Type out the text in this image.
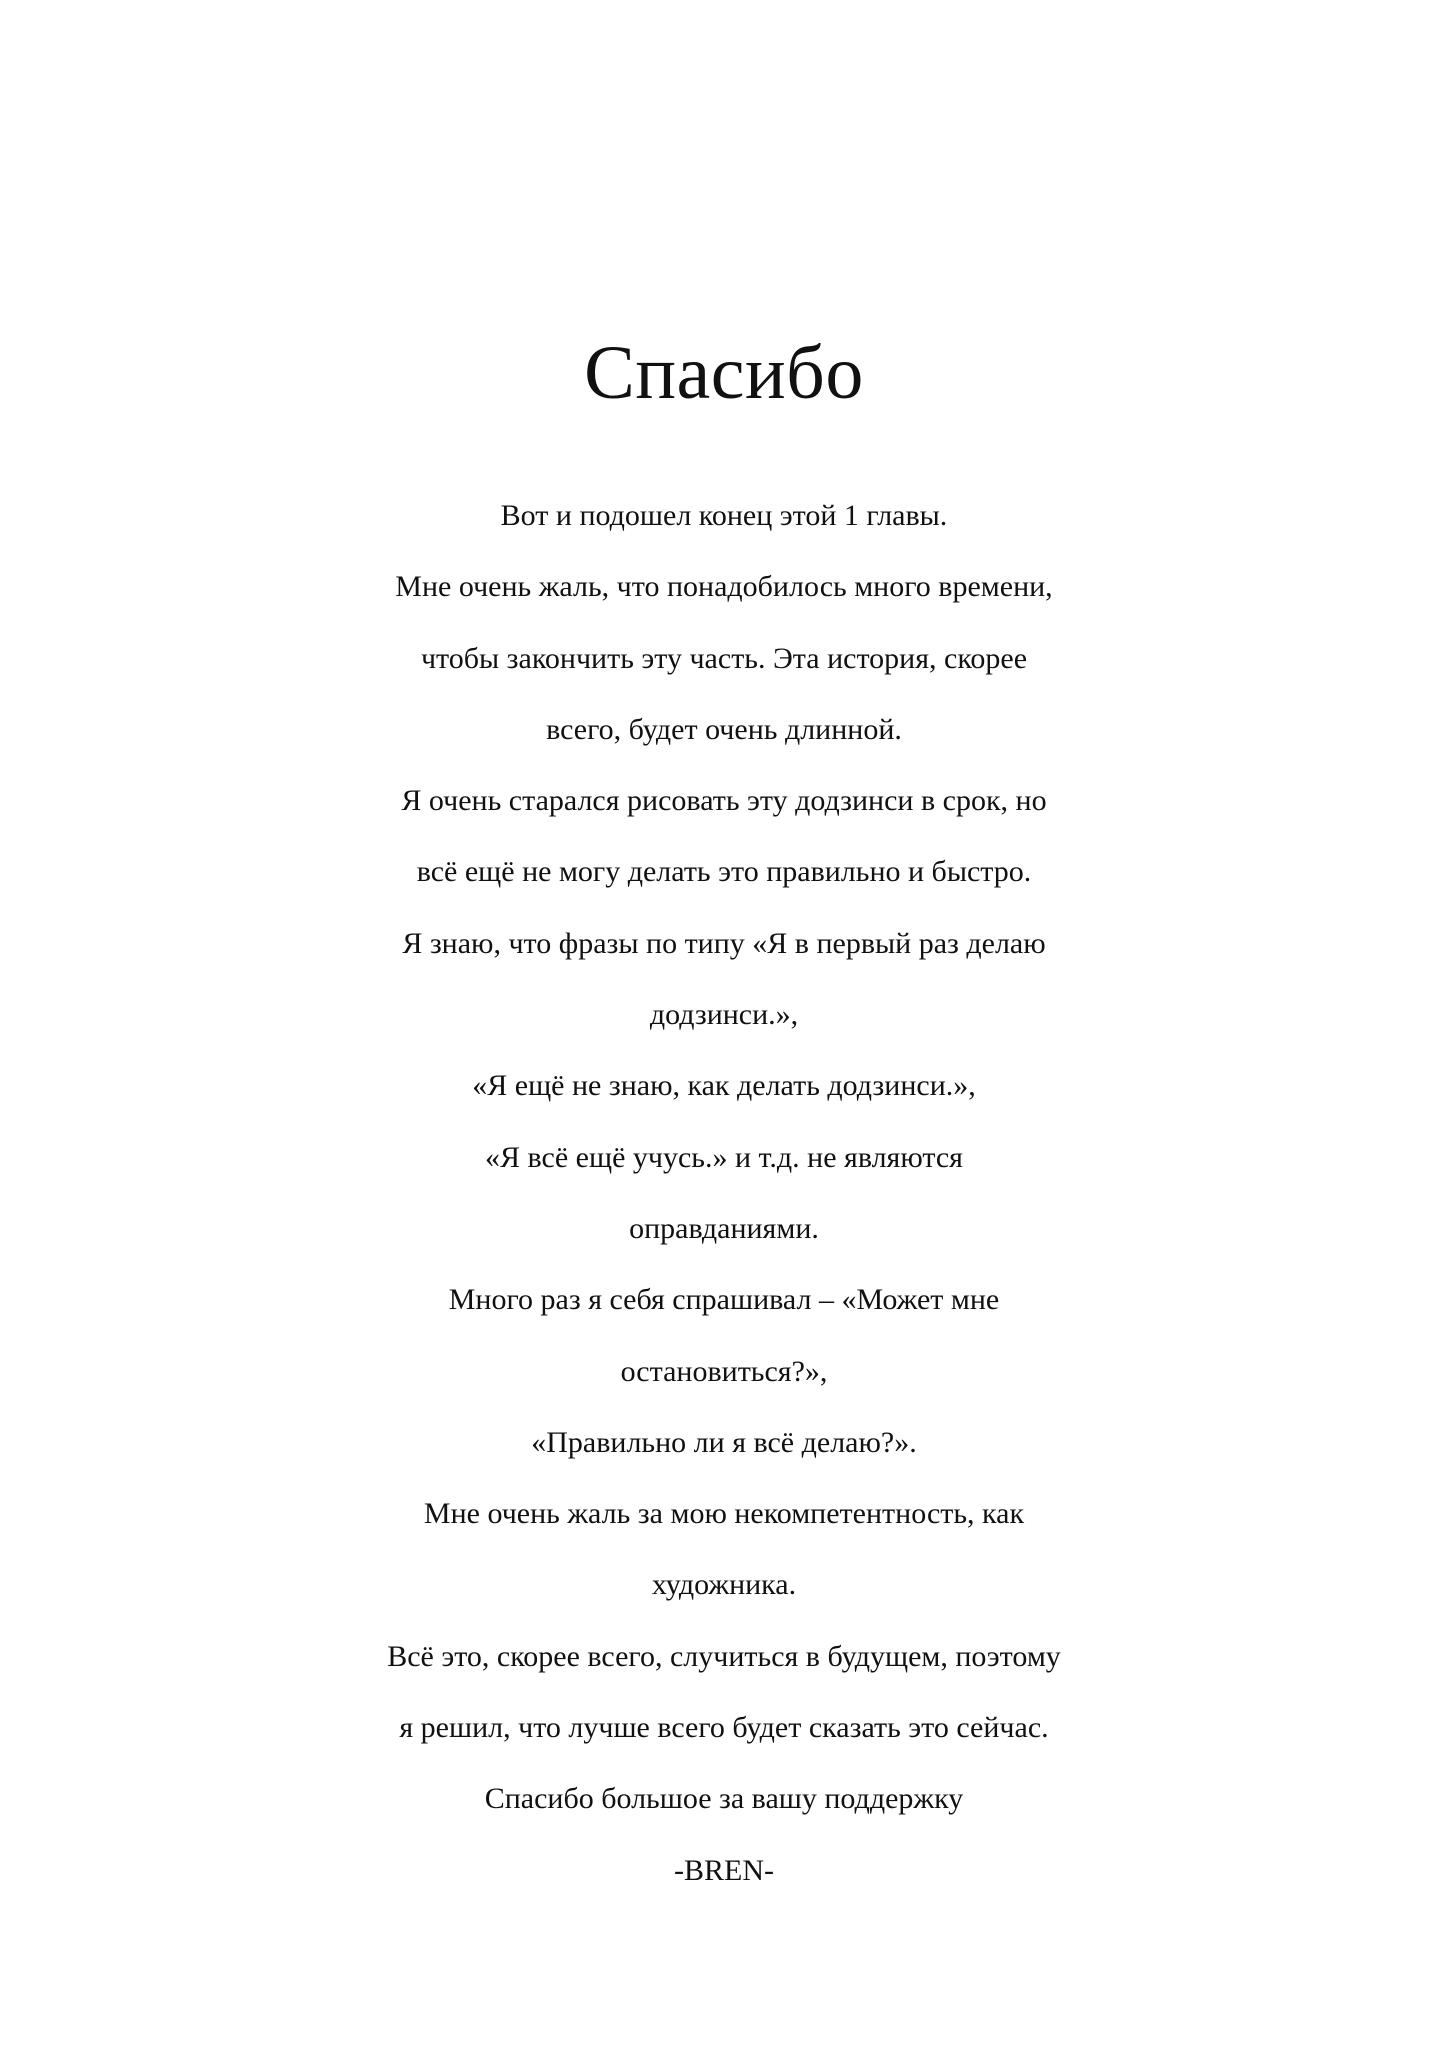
Спасибо
Вот и подошел конец этой 1 главы.
Мне очень жаль, что понадобилось много времени,
чтобы закончить эту часть. Эта история, скорее
всего, будет очень длинной.
Я очень старался рисовать эту додзинси в срок, но
всё ещё не могу делать это правильно и быстро.
Я знаю, что фразы по типу «Я в первый раз делаю
додзинси.»,
«Я ещё не знаю, как делать додзинси.»,
«Я всё ещё учусь.» и т.д. не являются
оправданиями.
Много раз я себя спрашивал – «Может мне
остановиться?»,
«Правильно ли я всё делаю?».
Мне очень жаль за мою некомпетентность, как
художника.
Всё это, скорее всего, случиться в будущем, поэтому
я решил, что лучше всего будет сказать это сейчас.
Спасибо большое за вашу поддержку
-BREN-
